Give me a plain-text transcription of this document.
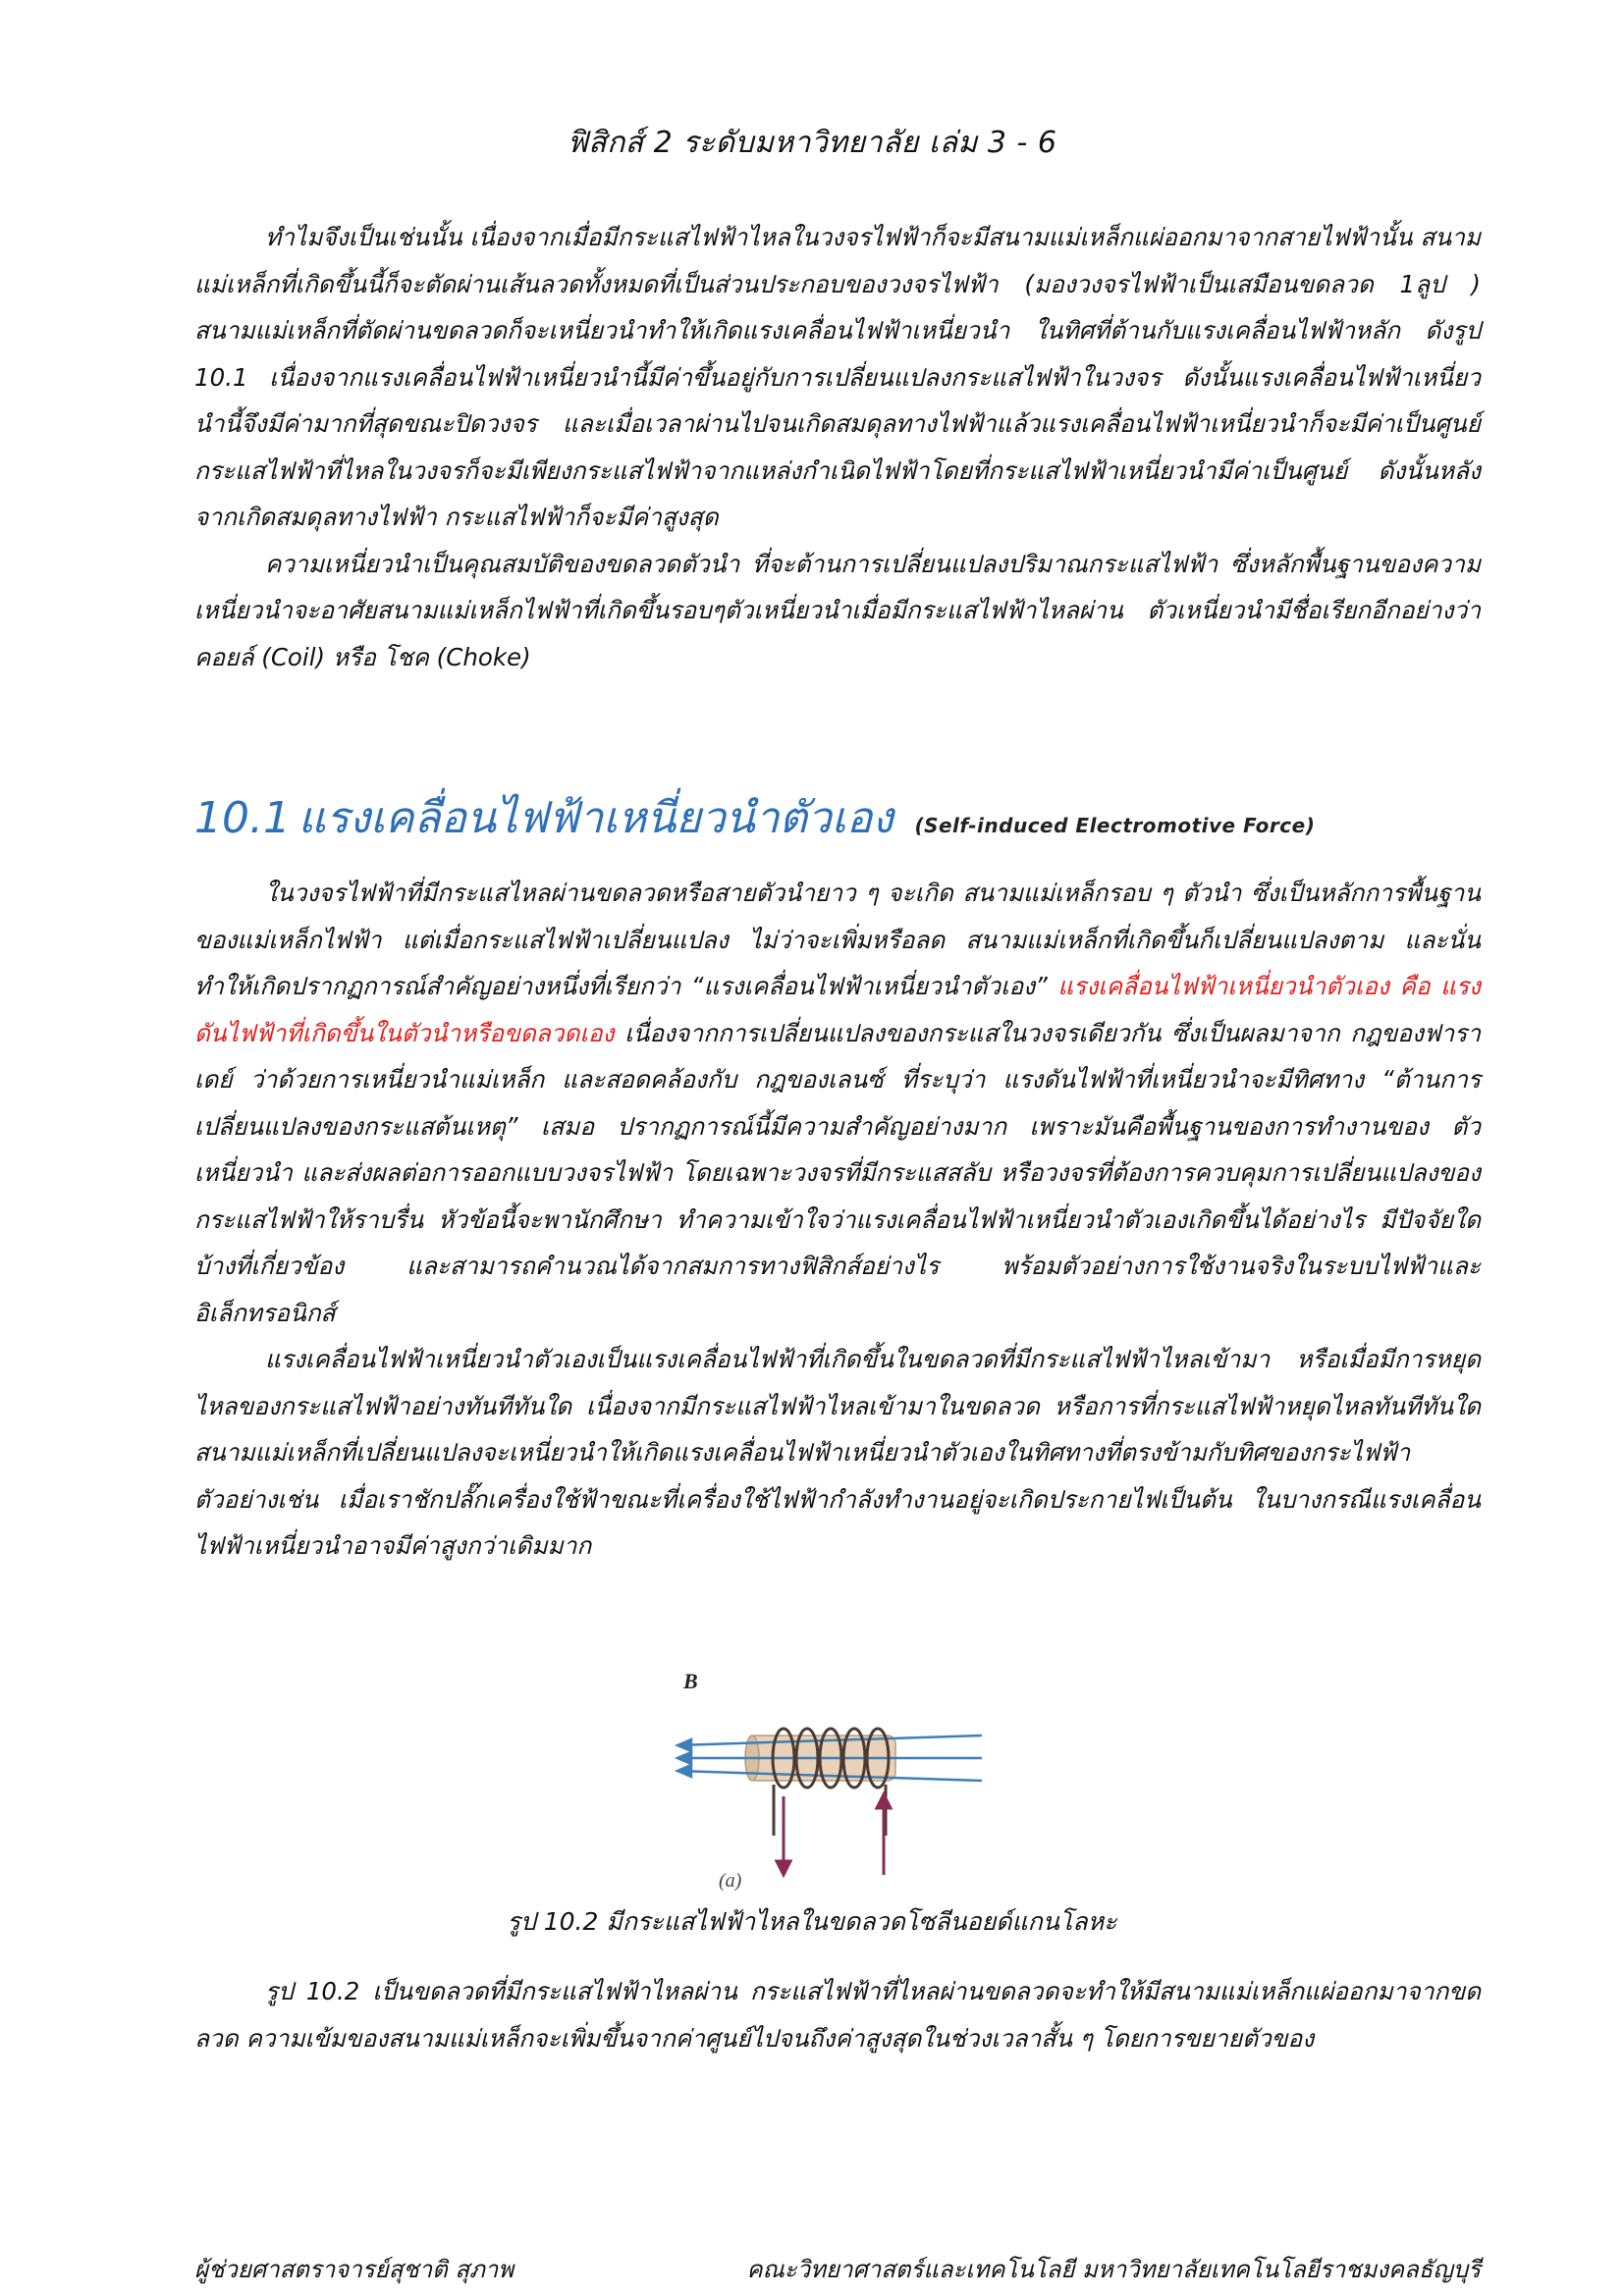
ฟิสิกส์ 2 ระดับมหาวิทยาลัย เล่ม 3 - 6

ทำไมจึงเป็นเช่นนั้น เนื่องจากเมื่อมีกระแสไฟฟ้าไหลในวงจรไฟฟ้าก็จะมีสนามแม่เหล็กแผ่ออกมาจากสายไฟฟ้านั้น สนามแม่เหล็กที่เกิดขึ้นนี้ก็จะตัดผ่านเส้นลวดทั้งหมดที่เป็นส่วนประกอบของวงจรไฟฟ้า (มองวงจรไฟฟ้าเป็นเสมือนขดลวด 1ลูป ) สนามแม่เหล็กที่ตัดผ่านขดลวดก็จะเหนี่ยวนำทำให้เกิดแรงเคลื่อนไฟฟ้าเหนี่ยวนำ ในทิศที่ต้านกับแรงเคลื่อนไฟฟ้าหลัก ดังรูป 10.1 เนื่องจากแรงเคลื่อนไฟฟ้าเหนี่ยวนำนี้มีค่าขึ้นอยู่กับการเปลี่ยนแปลงกระแสไฟฟ้าในวงจร ดังนั้นแรงเคลื่อนไฟฟ้าเหนี่ยวนำนี้จึงมีค่ามากที่สุดขณะปิดวงจร และเมื่อเวลาผ่านไปจนเกิดสมดุลทางไฟฟ้าแล้วแรงเคลื่อนไฟฟ้าเหนี่ยวนำก็จะมีค่าเป็นศูนย์ กระแสไฟฟ้าที่ไหลในวงจรก็จะมีเพียงกระแสไฟฟ้าจากแหล่งกำเนิดไฟฟ้าโดยที่กระแสไฟฟ้าเหนี่ยวนำมีค่าเป็นศูนย์ ดังนั้นหลังจากเกิดสมดุลทางไฟฟ้า กระแสไฟฟ้าก็จะมีค่าสูงสุด

ความเหนี่ยวนำเป็นคุณสมบัติของขดลวดตัวนำ ที่จะต้านการเปลี่ยนแปลงปริมาณกระแสไฟฟ้า ซึ่งหลักพื้นฐานของความเหนี่ยวนำจะอาศัยสนามแม่เหล็กไฟฟ้าที่เกิดขึ้นรอบๆตัวเหนี่ยวนำเมื่อมีกระแสไฟฟ้าไหลผ่าน ตัวเหนี่ยวนำมีชื่อเรียกอีกอย่างว่า คอยล์ (Coil) หรือ โชค (Choke)

10.1 แรงเคลื่อนไฟฟ้าเหนี่ยวนำตัวเอง (Self-induced Electromotive Force)

ในวงจรไฟฟ้าที่มีกระแสไหลผ่านขดลวดหรือสายตัวนำยาว ๆ จะเกิด สนามแม่เหล็กรอบ ๆ ตัวนำ ซึ่งเป็นหลักการพื้นฐานของแม่เหล็กไฟฟ้า แต่เมื่อกระแสไฟฟ้าเปลี่ยนแปลง ไม่ว่าจะเพิ่มหรือลด สนามแม่เหล็กที่เกิดขึ้นก็เปลี่ยนแปลงตาม และนั่นทำให้เกิดปรากฏการณ์สำคัญอย่างหนึ่งที่เรียกว่า “แรงเคลื่อนไฟฟ้าเหนี่ยวนำตัวเอง” แรงเคลื่อนไฟฟ้าเหนี่ยวนำตัวเอง คือ แรงดันไฟฟ้าที่เกิดขึ้นในตัวนำหรือขดลวดเอง เนื่องจากการเปลี่ยนแปลงของกระแสในวงจรเดียวกัน ซึ่งเป็นผลมาจาก กฎของฟาราเดย์ ว่าด้วยการเหนี่ยวนำแม่เหล็ก และสอดคล้องกับ กฎของเลนซ์ ที่ระบุว่า แรงดันไฟฟ้าที่เหนี่ยวนำจะมีทิศทาง “ต้านการเปลี่ยนแปลงของกระแสต้นเหตุ” เสมอ ปรากฏการณ์นี้มีความสำคัญอย่างมาก เพราะมันคือพื้นฐานของการทำงานของ ตัวเหนี่ยวนำ และส่งผลต่อการออกแบบวงจรไฟฟ้า โดยเฉพาะวงจรที่มีกระแสสลับ หรือวงจรที่ต้องการควบคุมการเปลี่ยนแปลงของกระแสไฟฟ้าให้ราบรื่น หัวข้อนี้จะพานักศึกษา ทำความเข้าใจว่าแรงเคลื่อนไฟฟ้าเหนี่ยวนำตัวเองเกิดขึ้นได้อย่างไร มีปัจจัยใดบ้างที่เกี่ยวข้อง และสามารถคำนวณได้จากสมการทางฟิสิกส์อย่างไร พร้อมตัวอย่างการใช้งานจริงในระบบไฟฟ้าและอิเล็กทรอนิกส์

แรงเคลื่อนไฟฟ้าเหนี่ยวนำตัวเองเป็นแรงเคลื่อนไฟฟ้าที่เกิดขึ้นในขดลวดที่มีกระแสไฟฟ้าไหลเข้ามา หรือเมื่อมีการหยุดไหลของกระแสไฟฟ้าอย่างทันทีทันใด เนื่องจากมีกระแสไฟฟ้าไหลเข้ามาในขดลวด หรือการที่กระแสไฟฟ้าหยุดไหลทันทีทันใด สนามแม่เหล็กที่เปลี่ยนแปลงจะเหนี่ยวนำให้เกิดแรงเคลื่อนไฟฟ้าเหนี่ยวนำตัวเองในทิศทางที่ตรงข้ามกับทิศของกระไฟฟ้า ตัวอย่างเช่น เมื่อเราชักปลั๊กเครื่องใช้ฟ้าขณะที่เครื่องใช้ไฟฟ้ากำลังทำงานอยู่จะเกิดประกายไฟเป็นต้น ในบางกรณีแรงเคลื่อนไฟฟ้าเหนี่ยวนำอาจมีค่าสูงกว่าเดิมมาก

B
(a)
รูป 10.2 มีกระแสไฟฟ้าไหลในขดลวดโซลีนอยด์แกนโลหะ

รูป 10.2 เป็นขดลวดที่มีกระแสไฟฟ้าไหลผ่าน กระแสไฟฟ้าที่ไหลผ่านขดลวดจะทำให้มีสนามแม่เหล็กแผ่ออกมาจากขดลวด ความเข้มของสนามแม่เหล็กจะเพิ่มขึ้นจากค่าศูนย์ไปจนถึงค่าสูงสุดในช่วงเวลาสั้น ๆ โดยการขยายตัวของ

ผู้ช่วยศาสตราจารย์สุชาติ สุภาพ	คณะวิทยาศาสตร์และเทคโนโลยี มหาวิทยาลัยเทคโนโลยีราชมงคลธัญบุรี
